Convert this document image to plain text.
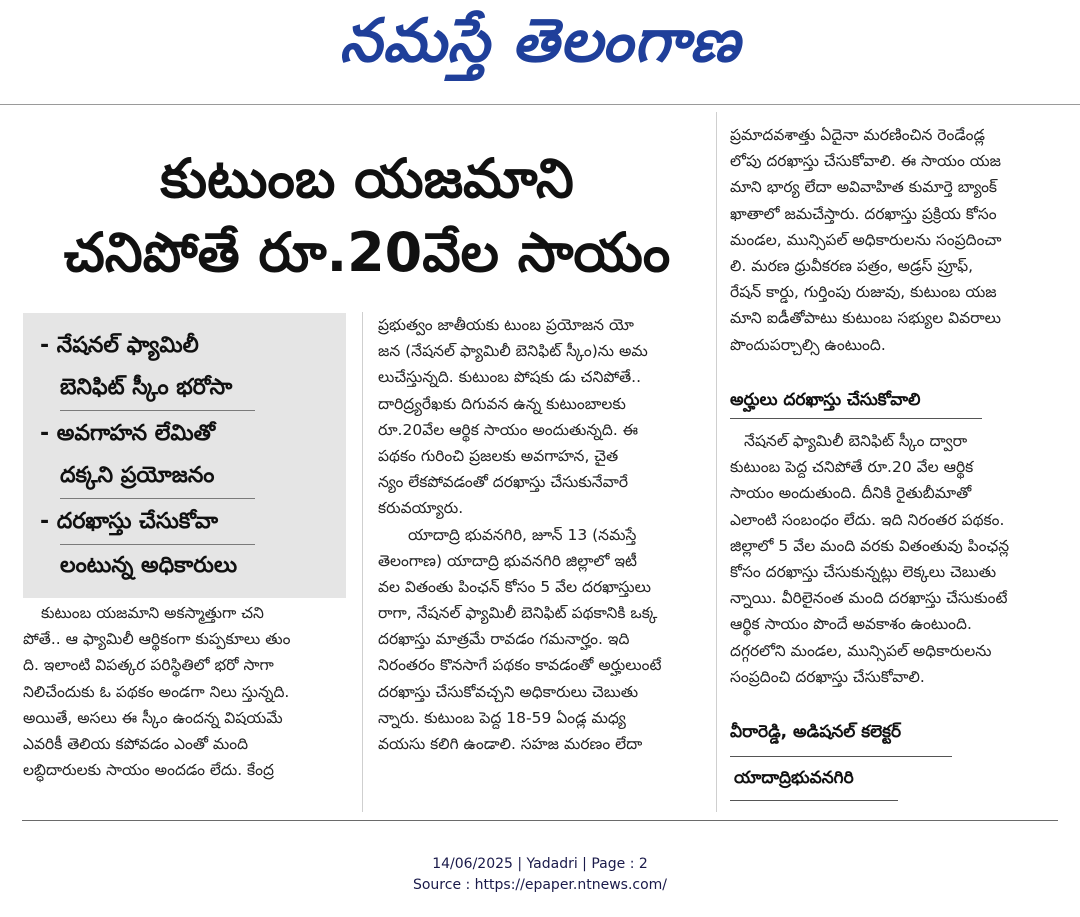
నమస్తే తెలంగాణ
కుటుంబ యజమాని
చనిపోతే రూ.20వేల సాయం
- నేషనల్ ఫ్యామిలీ
బెనిఫిట్ స్కీం భరోసా
- అవగాహన లేమితో
దక్కని ప్రయోజనం
- దరఖాస్తు చేసుకోవా
లంటున్న అధికారులు
కుటుంబ యజమాని అకస్మాత్తుగా చని
పోతే.. ఆ ఫ్యామిలీ ఆర్థికంగా కుప్పకూలు తుం
ది. ఇలాంటి విపత్కర పరిస్థితిలో భరో సాగా
నిలిచేందుకు ఓ పథకం అండగా నిలు స్తున్నది.
అయితే, అసలు ఈ స్కీం ఉందన్న విషయమే
ఎవరికీ తెలియ కపోవడం ఎంతో మంది
లబ్ధిదారులకు సాయం అందడం లేదు. కేంద్ర
ప్రభుత్వం జాతీయకు టుంబ ప్రయోజన యో
జన (నేషనల్ ఫ్యామిలీ బెనిఫిట్ స్కీం)ను అమ
లుచేస్తున్నది. కుటుంబ పోషకు డు చనిపోతే..
దారిద్ర్యరేఖకు దిగువన ఉన్న కుటుంబాలకు
రూ.20వేల ఆర్థిక సాయం అందుతున్నది. ఈ
పథకం గురించి ప్రజలకు అవగాహన, చైత
న్యం లేకపోవడంతో దరఖాస్తు చేసుకునేవారే
కరువయ్యారు.
యాదాద్రి భువనగిరి, జూన్ 13 (నమస్తే
తెలంగాణ) యాదాద్రి భువనగిరి జిల్లాలో ఇటీ
వల వితంతు పింఛన్ కోసం 5 వేల దరఖాస్తులు
రాగా, నేషనల్ ఫ్యామిలీ బెనిఫిట్ పథకానికి ఒక్క
దరఖాస్తు మాత్రమే రావడం గమనార్హం. ఇది
నిరంతరం కొనసాగే పథకం కావడంతో అర్హులుంటే
దరఖాస్తు చేసుకోవచ్చని అధికారులు చెబుతు
న్నారు. కుటుంబ పెద్ద 18-59 ఏండ్ల మధ్య
వయసు కలిగి ఉండాలి. సహజ మరణం లేదా
ప్రమాదవశాత్తు ఏదైనా మరణించిన రెండేండ్ల
లోపు దరఖాస్తు చేసుకోవాలి. ఈ సాయం యజ
మాని భార్య లేదా అవివాహిత కుమార్తె బ్యాంక్
ఖాతాలో జమచేస్తారు. దరఖాస్తు ప్రక్రియ కోసం
మండల, మున్సిపల్ అధికారులను సంప్రదించా
లి. మరణ ధ్రువీకరణ పత్రం, అడ్రస్ ప్రూఫ్,
రేషన్ కార్డు, గుర్తింపు రుజువు, కుటుంబ యజ
మాని ఐడీతోపాటు కుటుంబ సభ్యుల వివరాలు
పొందుపర్చాల్సి ఉంటుంది.
అర్హులు దరఖాస్తు చేసుకోవాలి
నేషనల్ ఫ్యామిలీ బెనిఫిట్ స్కీం ద్వారా
కుటుంబ పెద్ద చనిపోతే రూ.20 వేల ఆర్థిక
సాయం అందుతుంది. దీనికి రైతుబీమాతో
ఎలాంటి సంబంధం లేదు. ఇది నిరంతర పథకం.
జిల్లాలో 5 వేల మంది వరకు వితంతువు పింఛన్ల
కోసం దరఖాస్తు చేసుకున్నట్లు లెక్కలు చెబుతు
న్నాయి. వీరిలైనంత మంది దరఖాస్తు చేసుకుంటే
ఆర్థిక సాయం పొందే అవకాశం ఉంటుంది.
దగ్గరలోని మండల, మున్సిపల్ అధికారులను
సంప్రదించి దరఖాస్తు చేసుకోవాలి.
వీరారెడ్డి, అడిషనల్ కలెక్టర్
యాదాద్రిభువనగిరి
14/06/2025 | Yadadri | Page : 2
Source : https://epaper.ntnews.com/
